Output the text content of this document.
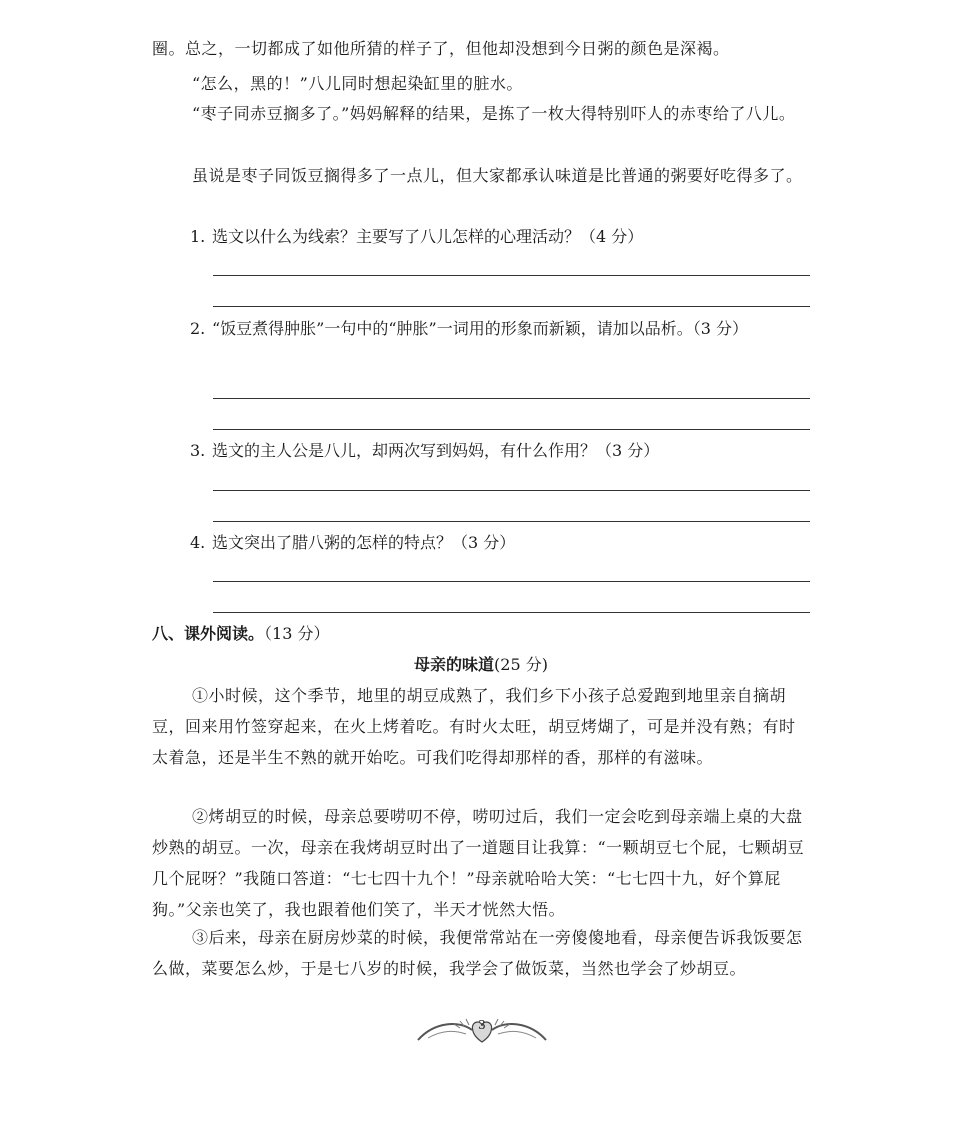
圈。总之，一切都成了如他所猜的样子了，但他却没想到今日粥的颜色是深褐。

“怎么，黑的！”八儿同时想起染缸里的脏水。

“枣子同赤豆搁多了。”妈妈解释的结果，是拣了一枚大得特别吓人的赤枣给了八儿。

虽说是枣子同饭豆搁得多了一点儿，但大家都承认味道是比普通的粥要好吃得多了。

1. 选文以什么为线索？主要写了八儿怎样的心理活动？（4 分）
2. “饭豆煮得肿胀”一句中的“肿胀”一词用的形象而新颖，请加以品析。（3 分）
3. 选文的主人公是八儿，却两次写到妈妈，有什么作用？（3 分）
4. 选文突出了腊八粥的怎样的特点？（3 分）
八、课外阅读。（13 分）
母亲的味道(25 分)

①小时候，这个季节，地里的胡豆成熟了，我们乡下小孩子总爱跑到地里亲自摘胡豆，回来用竹签穿起来，在火上烤着吃。有时火太旺，胡豆烤煳了，可是并没有熟；有时太着急，还是半生不熟的就开始吃。可我们吃得却那样的香，那样的有滋味。

②烤胡豆的时候，母亲总要唠叨不停，唠叨过后，我们一定会吃到母亲端上桌的大盘炒熟的胡豆。一次，母亲在我烤胡豆时出了一道题目让我算：“一颗胡豆七个屁，七颗胡豆几个屁呀？”我随口答道：“七七四十九个！”母亲就哈哈大笑：“七七四十九，好个算屁狗。”父亲也笑了，我也跟着他们笑了，半天才恍然大悟。

③后来，母亲在厨房炒菜的时候，我便常常站在一旁傻傻地看，母亲便告诉我饭要怎么做，菜要怎么炒，于是七八岁的时候，我学会了做饭菜，当然也学会了炒胡豆。

3
